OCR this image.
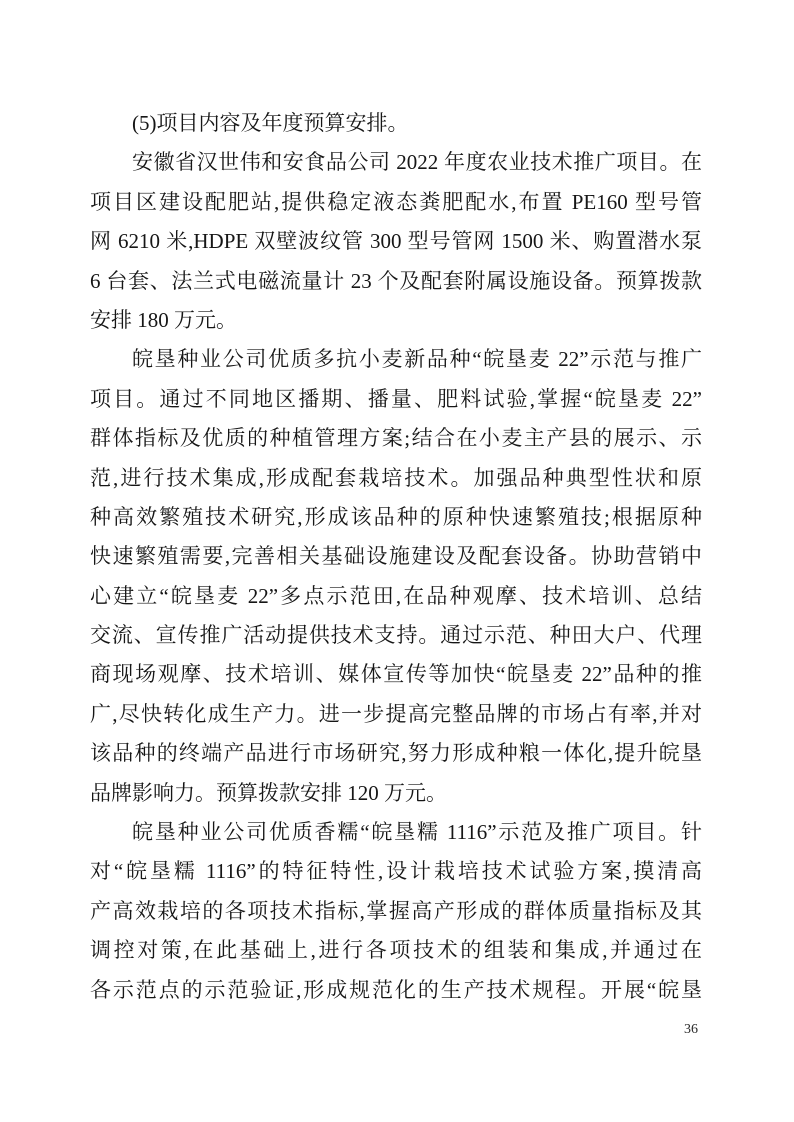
(5)项目内容及年度预算安排。
安徽省汉世伟和安食品公司 2022 年度农业技术推广项目。在
项目区建设配肥站,提供稳定液态粪肥配水,布置 PE160 型号管
网 6210 米,HDPE 双壁波纹管 300 型号管网 1500 米、购置潜水泵
6 台套、法兰式电磁流量计 23 个及配套附属设施设备。预算拨款
安排 180 万元。
皖垦种业公司优质多抗小麦新品种“皖垦麦 22”示范与推广
项目。通过不同地区播期、播量、肥料试验,掌握“皖垦麦 22”
群体指标及优质的种植管理方案;结合在小麦主产县的展示、示
范,进行技术集成,形成配套栽培技术。加强品种典型性状和原
种高效繁殖技术研究,形成该品种的原种快速繁殖技;根据原种
快速繁殖需要,完善相关基础设施建设及配套设备。协助营销中
心建立“皖垦麦 22”多点示范田,在品种观摩、技术培训、总结
交流、宣传推广活动提供技术支持。通过示范、种田大户、代理
商现场观摩、技术培训、媒体宣传等加快“皖垦麦 22”品种的推
广,尽快转化成生产力。进一步提高完整品牌的市场占有率,并对
该品种的终端产品进行市场研究,努力形成种粮一体化,提升皖垦
品牌影响力。预算拨款安排 120 万元。
皖垦种业公司优质香糯“皖垦糯 1116”示范及推广项目。针
对“皖垦糯 1116”的特征特性,设计栽培技术试验方案,摸清高
产高效栽培的各项技术指标,掌握高产形成的群体质量指标及其
调控对策,在此基础上,进行各项技术的组装和集成,并通过在
各示范点的示范验证,形成规范化的生产技术规程。开展“皖垦
36
